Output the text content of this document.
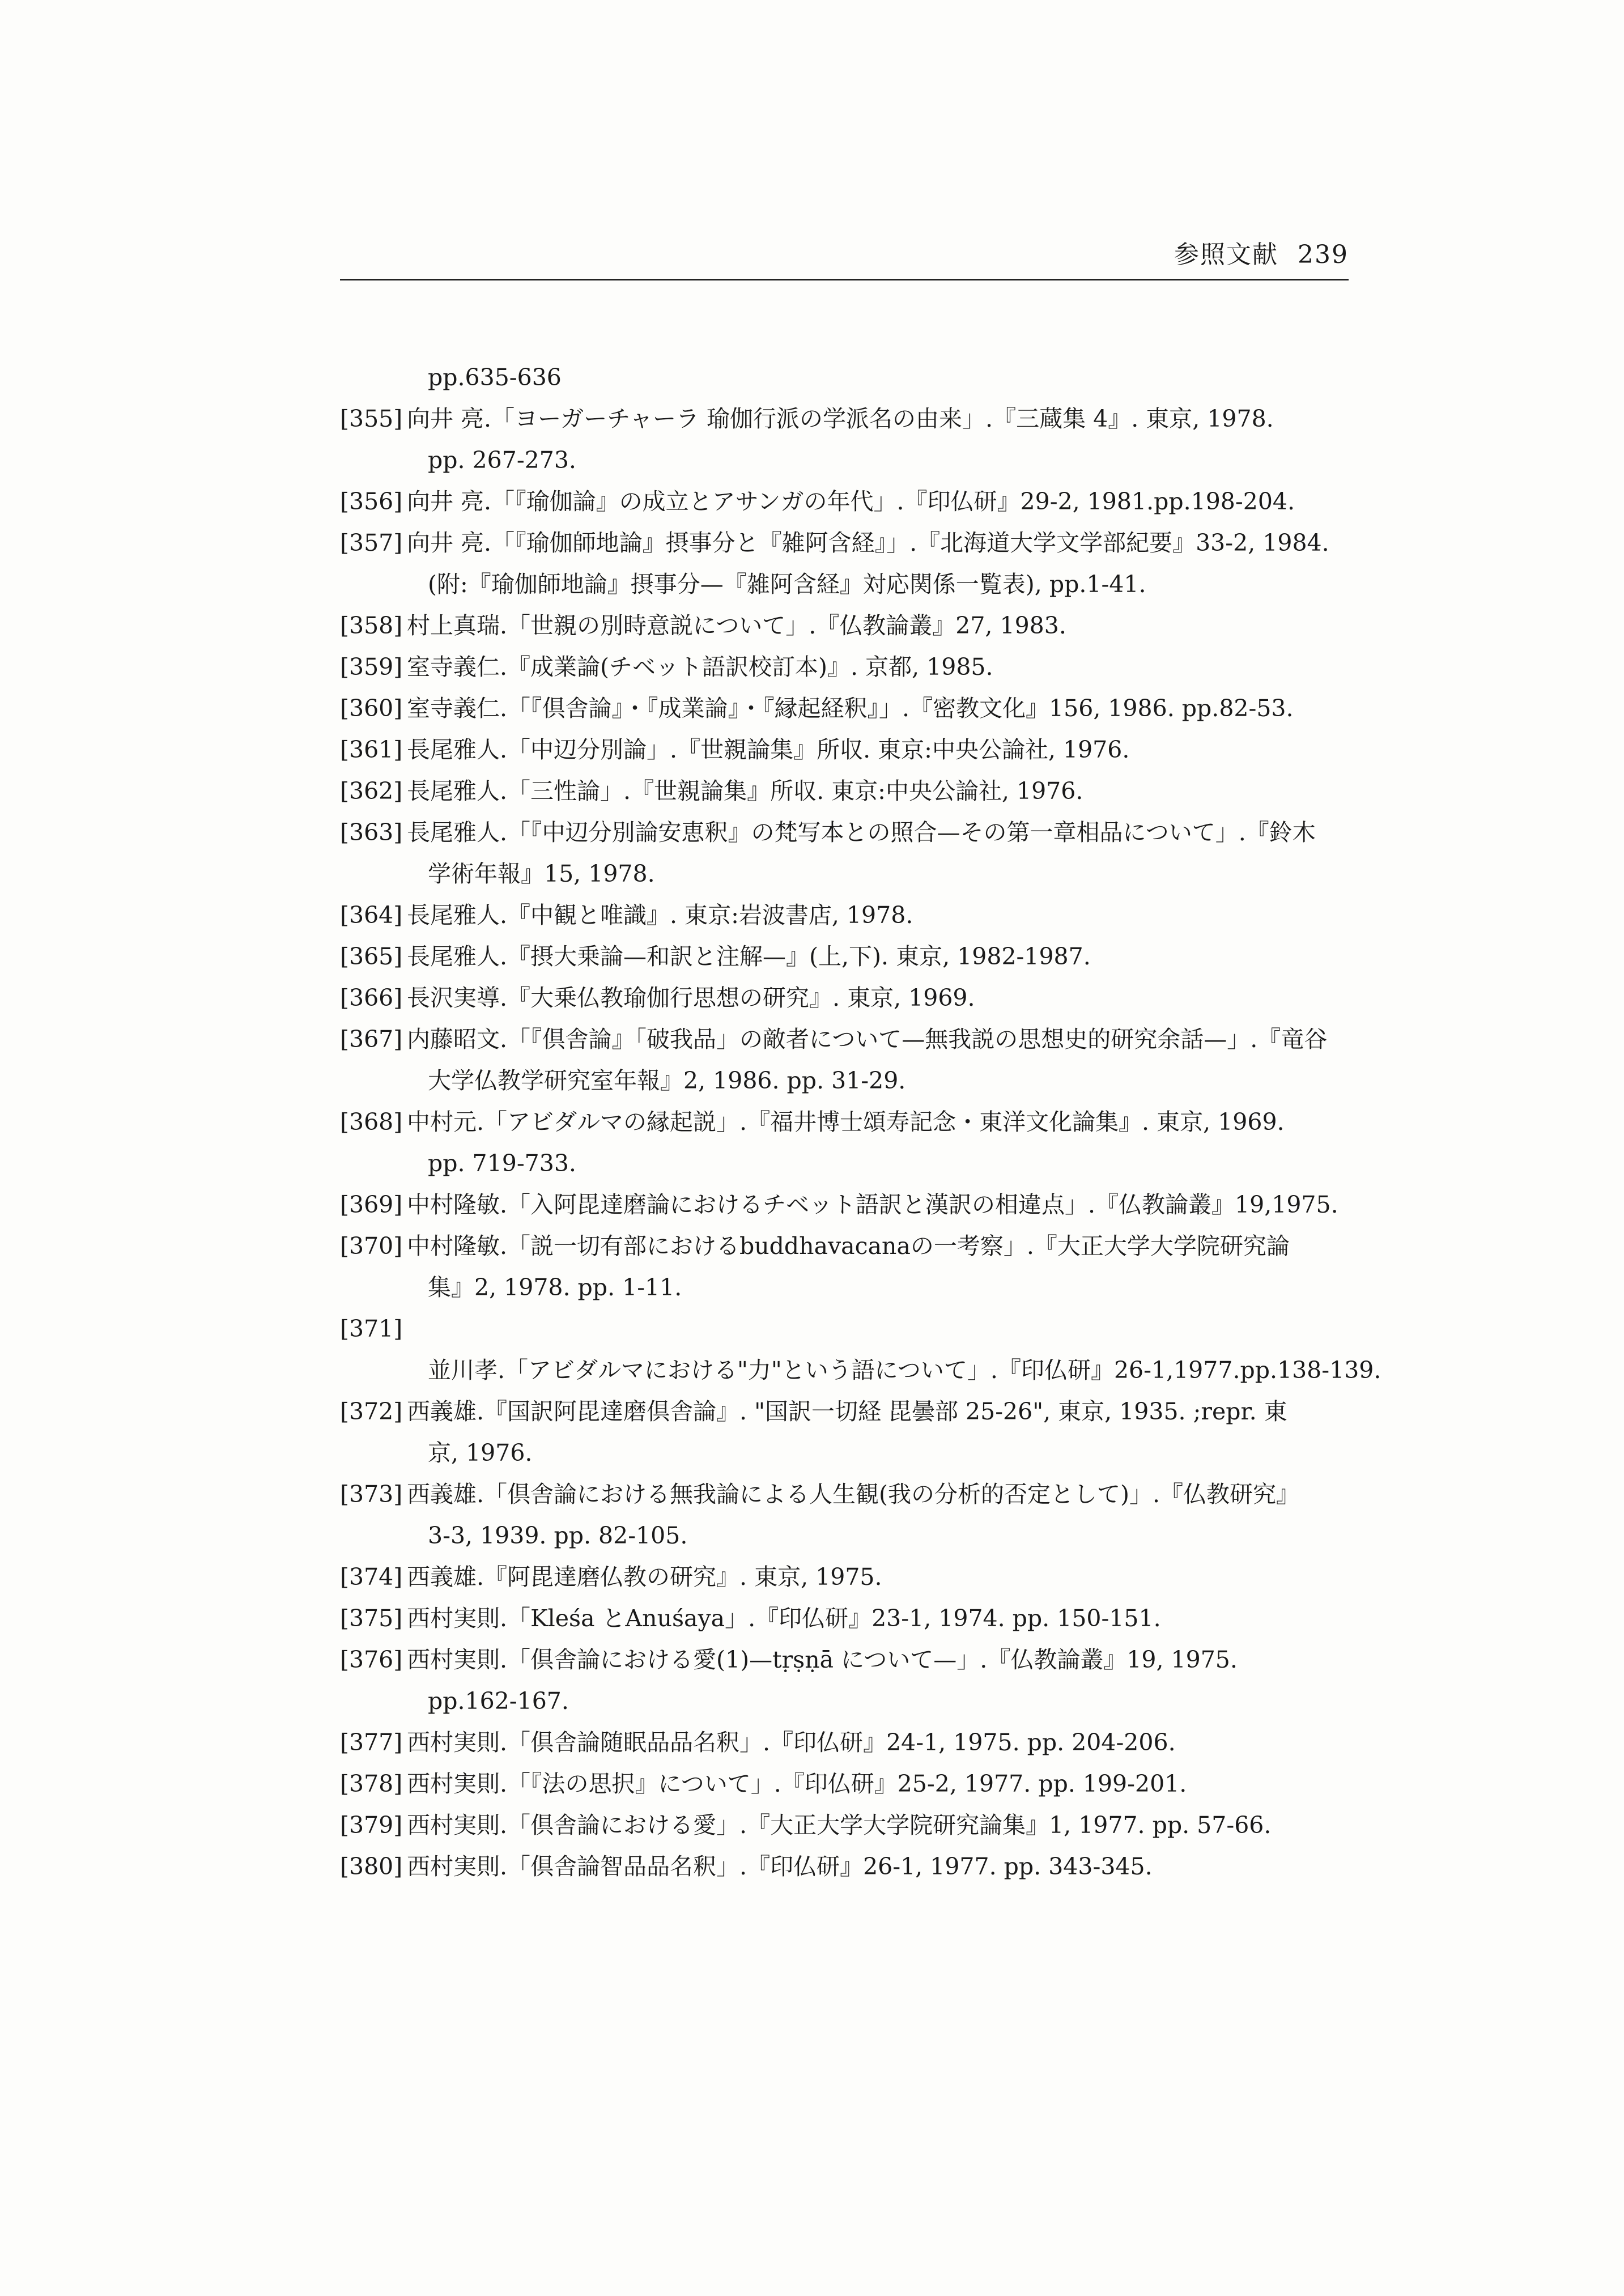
参照文献 239
pp.635-636
[355] 向井 亮.「ヨーガーチャーラ 瑜伽行派の学派名の由来」.『三蔵集 4』. 東京, 1978.
pp. 267-273.
[356] 向井 亮.「『瑜伽論』の成立とアサンガの年代」.『印仏研』29-2, 1981.pp.198-204.
[357] 向井 亮.「『瑜伽師地論』摂事分と『雑阿含経』」.『北海道大学文学部紀要』33-2, 1984.
(附:『瑜伽師地論』摂事分—『雑阿含経』対応関係一覧表), pp.1-41.
[358] 村上真瑞.「世親の別時意説について」.『仏教論叢』27, 1983.
[359] 室寺義仁.『成業論(チベット語訳校訂本)』. 京都, 1985.
[360] 室寺義仁.「『倶舎論』・『成業論』・『縁起経釈』」.『密教文化』156, 1986. pp.82-53.
[361] 長尾雅人.「中辺分別論」.『世親論集』所収. 東京:中央公論社, 1976.
[362] 長尾雅人.「三性論」.『世親論集』所収. 東京:中央公論社, 1976.
[363] 長尾雅人.「『中辺分別論安恵釈』の梵写本との照合—その第一章相品について」.『鈴木
学術年報』15, 1978.
[364] 長尾雅人.『中観と唯識』. 東京:岩波書店, 1978.
[365] 長尾雅人.『摂大乗論—和訳と注解—』(上,下). 東京, 1982-1987.
[366] 長沢実導.『大乗仏教瑜伽行思想の研究』. 東京, 1969.
[367] 内藤昭文.「『倶舎論』「破我品」の敵者について—無我説の思想史的研究余話—」.『竜谷
大学仏教学研究室年報』2, 1986. pp. 31-29.
[368] 中村元.「アビダルマの縁起説」.『福井博士頌寿記念・東洋文化論集』. 東京, 1969.
pp. 719-733.
[369] 中村隆敏.「入阿毘達磨論におけるチベット語訳と漢訳の相違点」.『仏教論叢』19,1975.
[370] 中村隆敏.「説一切有部におけるbuddhavacanaの一考察」.『大正大学大学院研究論
集』2, 1978. pp. 1-11.
[371]並川孝.「アビダルマにおける"力"という語について」.『印仏研』26-1,1977.pp.138-139.
[372] 西義雄.『国訳阿毘達磨倶舎論』. "国訳一切経 毘曇部 25-26", 東京, 1935. ;repr. 東
京, 1976.
[373] 西義雄.「倶舎論における無我論による人生観(我の分析的否定として)」.『仏教研究』
3-3, 1939. pp. 82-105.
[374] 西義雄.『阿毘達磨仏教の研究』. 東京, 1975.
[375] 西村実則.「Kleśa とAnuśaya」.『印仏研』23-1, 1974. pp. 150-151.
[376] 西村実則.「倶舎論における愛(1)—tṛṣṇā について—」.『仏教論叢』19, 1975.
pp.162-167.
[377] 西村実則.「倶舎論随眠品品名釈」.『印仏研』24-1, 1975. pp. 204-206.
[378] 西村実則.「『法の思択』について」.『印仏研』25-2, 1977. pp. 199-201.
[379] 西村実則.「倶舎論における愛」.『大正大学大学院研究論集』1, 1977. pp. 57-66.
[380] 西村実則.「倶舎論智品品名釈」.『印仏研』26-1, 1977. pp. 343-345.
